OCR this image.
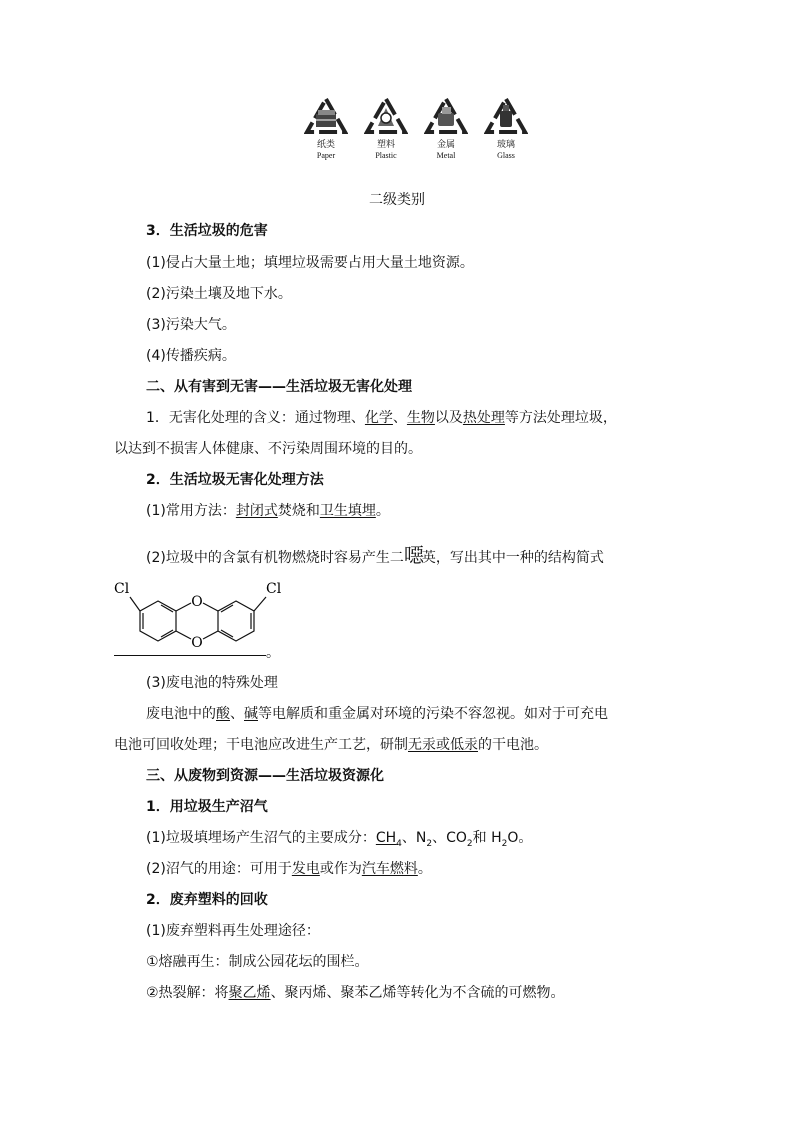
纸类
Paper
塑料
Plastic
金属
Metal
玻璃
Glass
二级类别
3．生活垃圾的危害
(1)侵占大量土地；填埋垃圾需要占用大量土地资源。
(2)污染土壤及地下水。
(3)污染大气。
(4)传播疾病。
二、从有害到无害——生活垃圾无害化处理
1．无害化处理的含义：通过物理、化学、生物以及热处理等方法处理垃圾，
以达到不损害人体健康、不污染周围环境的目的。
2．生活垃圾无害化处理方法
(1)常用方法：封闭式焚烧和卫生填埋。
(2)垃圾中的含氯有机物燃烧时容易产生二噁英，写出其中一种的结构简式
O
O
Cl	Cl
。
(3)废电池的特殊处理
废电池中的酸、碱等电解质和重金属对环境的污染不容忽视。如对于可充电
电池可回收处理；干电池应改进生产工艺，研制无汞或低汞的干电池。
三、从废物到资源——生活垃圾资源化
1．用垃圾生产沼气
(1)垃圾填埋场产生沼气的主要成分：$CH_4$、$N_2$、$CO_2$和 $H_2O$。
(2)沼气的用途：可用于发电或作为汽车燃料。
2．废弃塑料的回收
(1)废弃塑料再生处理途径：
①熔融再生：制成公园花坛的围栏。
②热裂解：将聚乙烯、聚丙烯、聚苯乙烯等转化为不含硫的可燃物。
